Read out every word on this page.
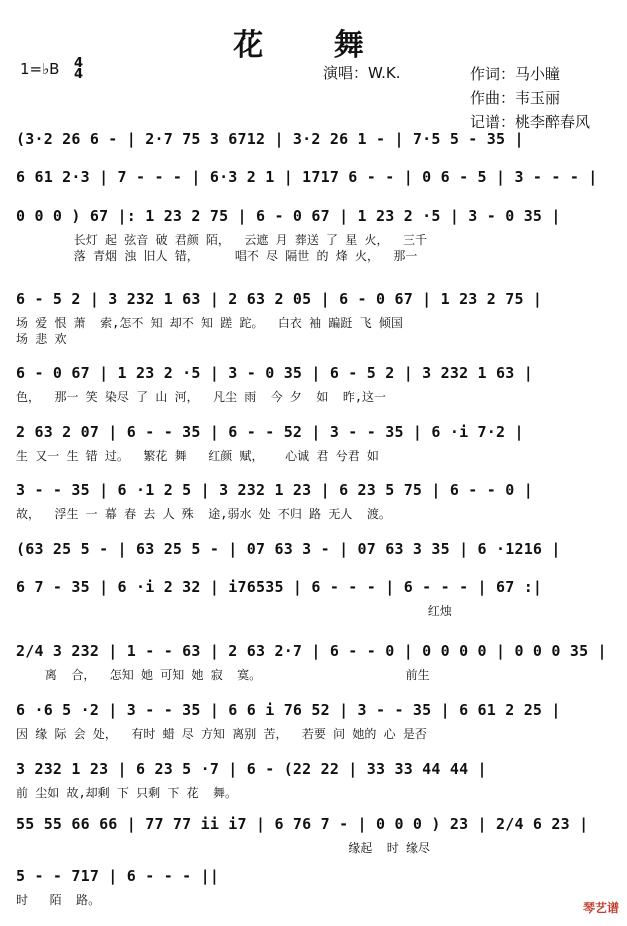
花 舞
1=♭B 4
4	演唱：W.K.	作词：马小瞳
作曲：韦玉丽
记谱：桃李醉春风
(3·2 26 6 - | 2·7 75 3 6712 | 3·2 26 1 - | 7·5 5 - 35 |
6 61 2·3 | 7 - - - | 6·3 2 1 | 1717 6 - - | 0 6 - 5 | 3 - - - |
0 0 0 ) 67 |: 1 23 2 75 | 6 - 0 67 | 1 23 2 ·5 | 3 - 0 35 |
长灯 起 弦音 破 君颜 陌，  云遮 月 葬送 了 星 火，  三千
落 青烟 浊 旧人 错，     唱不 尽 隔世 的 烽 火，  那一
6 - 5 2 | 3 232 1 63 | 2 63 2 05 | 6 - 0 67 | 1 23 2 75 |
场 爱 恨 萧  索,怎不 知 却不 知 蹉 跎。  白衣 袖 蹁跹 飞 倾国
场 悲 欢
6 - 0 67 | 1 23 2 ·5 | 3 - 0 35 | 6 - 5 2 | 3 232 1 63 |
色，  那一 笑 染尽 了 山 河，  凡尘 雨  今 夕  如  昨,这一
2 63 2 07 | 6 - - 35 | 6 - - 52 | 3 - - 35 | 6 ·i 7·2 |
生 又一 生 错 过。  繁花 舞   红颜 赋，   心诚 君 兮君 如
3 - - 35 | 6 ·1 2 5 | 3 232 1 23 | 6 23 5 75 | 6 - - 0 |
故，  浮生 一 幕 春 去 人 殊  途,弱水 处 不归 路 无人  渡。
(63 25 5 - | 63 25 5 - | 07 63 3 - | 07 63 3 35 | 6 ·1216 |
6 7 - 35 | 6 ·i 2 32 | i76535 | 6 - - - | 6 - - - | 67 :|
红烛
2/4 3 232 | 1 - - 63 | 2 63 2·7 | 6 - - 0 | 0 0 0 0 | 0 0 0 35 |
离  合，  怎知 她 可知 她 寂  寞。                    前生
6 ·6 5 ·2 | 3 - - 35 | 6 6 i 76 52 | 3 - - 35 | 6 61 2 25 |
因 缘 际 会 处，  有时 蜡 尽 方知 离别 苦，  若要 问 她的 心 是否
3 232 1 23 | 6 23 5 ·7 | 6 - (22 22 | 33 33 44 44 |
前 尘如 故,却剩 下 只剩 下 花  舞。
55 55 66 66 | 77 77 ii i7 | 6 76 7 - | 0 0 0 ) 23 | 2/4 6 23 |
缘起  时 缘尽
5 - - 717 | 6 - - - ||
时   陌  路。
琴艺谱
